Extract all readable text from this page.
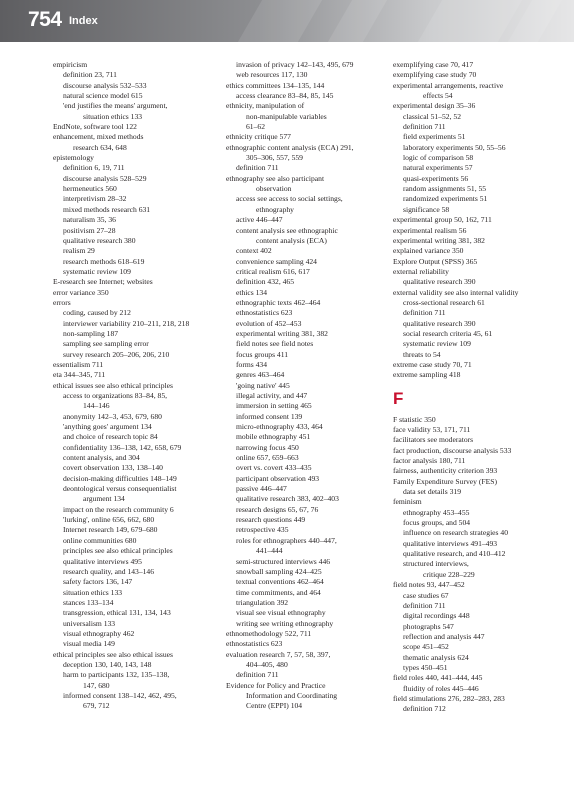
754 Index
empiricism
definition 23, 711
discourse analysis 532–533
natural science model 615
'end justifies the means' argument,
situation ethics 133
EndNote, software tool 122
enhancement, mixed methods
research 634, 648
epistemology
definition 6, 19, 711
discourse analysis 528–529
hermeneutics 560
interpretivism 28–32
mixed methods research 631
naturalism 35, 36
positivism 27–28
qualitative research 380
realism 29
research methods 618–619
systematic review 109
E-research see Internet; websites
error variance 350
errors
coding, caused by 212
interviewer variability 210–211, 218, 218
non-sampling 187
sampling see sampling error
survey research 205–206, 206, 210
essentialism 711
eta 344–345, 711
ethical issues see also ethical principles
access to organizations 83–84, 85,
144–146
anonymity 142–3, 453, 679, 680
'anything goes' argument 134
and choice of research topic 84
confidentiality 136–138, 142, 658, 679
content analysis, and 304
covert observation 133, 138–140
decision-making difficulties 148–149
deontological versus consequentialist
argument 134
impact on the research community 6
'lurking', online 656, 662, 680
Internet research 149, 679–680
online communities 680
principles see also ethical principles
qualitative interviews 495
research quality, and 143–146
safety factors 136, 147
situation ethics 133
stances 133–134
transgression, ethical 131, 134, 143
universalism 133
visual ethnography 462
visual media 149
ethical principles see also ethical issues
deception 130, 140, 143, 148
harm to participants 132, 135–138,
147, 680
informed consent 138–142, 462, 495,
679, 712
invasion of privacy 142–143, 495, 679
web resources 117, 130
ethics committees 134–135, 144
access clearance 83–84, 85, 145
ethnicity, manipulation of
non-manipulable variables
61–62
ethnicity critique 577
ethnographic content analysis (ECA) 291,
305–306, 557, 559
definition 711
ethnography see also participant
observation
access see access to social settings,
ethnography
active 446–447
content analysis see ethnographic
content analysis (ECA)
context 402
convenience sampling 424
critical realism 616, 617
definition 432, 465
ethics 134
ethnographic texts 462–464
ethnostatistics 623
evolution of 452–453
experimental writing 381, 382
field notes see field notes
focus groups 411
forms 434
genres 463–464
'going native' 445
illegal activity, and 447
immersion in setting 465
informed consent 139
micro-ethnography 433, 464
mobile ethnography 451
narrowing focus 450
online 657, 659–663
overt vs. covert 433–435
participant observation 493
passive 446–447
qualitative research 383, 402–403
research designs 65, 67, 76
research questions 449
retrospective 435
roles for ethnographers 440–447,
441–444
semi-structured interviews 446
snowball sampling 424–425
textual conventions 462–464
time commitments, and 464
triangulation 392
visual see visual ethnography
writing see writing ethnography
ethnomethodology 522, 711
ethnostatistics 623
evaluation research 7, 57, 58, 397,
404–405, 480
definition 711
Evidence for Policy and Practice
Information and Coordinating
Centre (EPPI) 104
exemplifying case 70, 417
exemplifying case study 70
experimental arrangements, reactive
effects 54
experimental design 35–36
classical 51–52, 52
definition 711
field experiments 51
laboratory experiments 50, 55–56
logic of comparison 58
natural experiments 57
quasi-experiments 56
random assignments 51, 55
randomized experiments 51
significance 58
experimental group 50, 162, 711
experimental realism 56
experimental writing 381, 382
explained variance 350
Explore Output (SPSS) 365
external reliability
qualitative research 390
external validity see also internal validity
cross-sectional research 61
definition 711
qualitative research 390
social research criteria 45, 61
systematic review 109
threats to 54
extreme case study 70, 71
extreme sampling 418
F
F statistic 350
face validity 53, 171, 711
facilitators see moderators
fact production, discourse analysis 533
factor analysis 180, 711
fairness, authenticity criterion 393
Family Expenditure Survey (FES)
data set details 319
feminism
ethnography 453–455
focus groups, and 504
influence on research strategies 40
qualitative interviews 491–493
qualitative research, and 410–412
structured interviews,
critique 228–229
field notes 93, 447–452
case studies 67
definition 711
digital recordings 448
photographs 547
reflection and analysis 447
scope 451–452
thematic analysis 624
types 450–451
field roles 440, 441–444, 445
fluidity of roles 445–446
field stimulations 276, 282–283, 283
definition 712
